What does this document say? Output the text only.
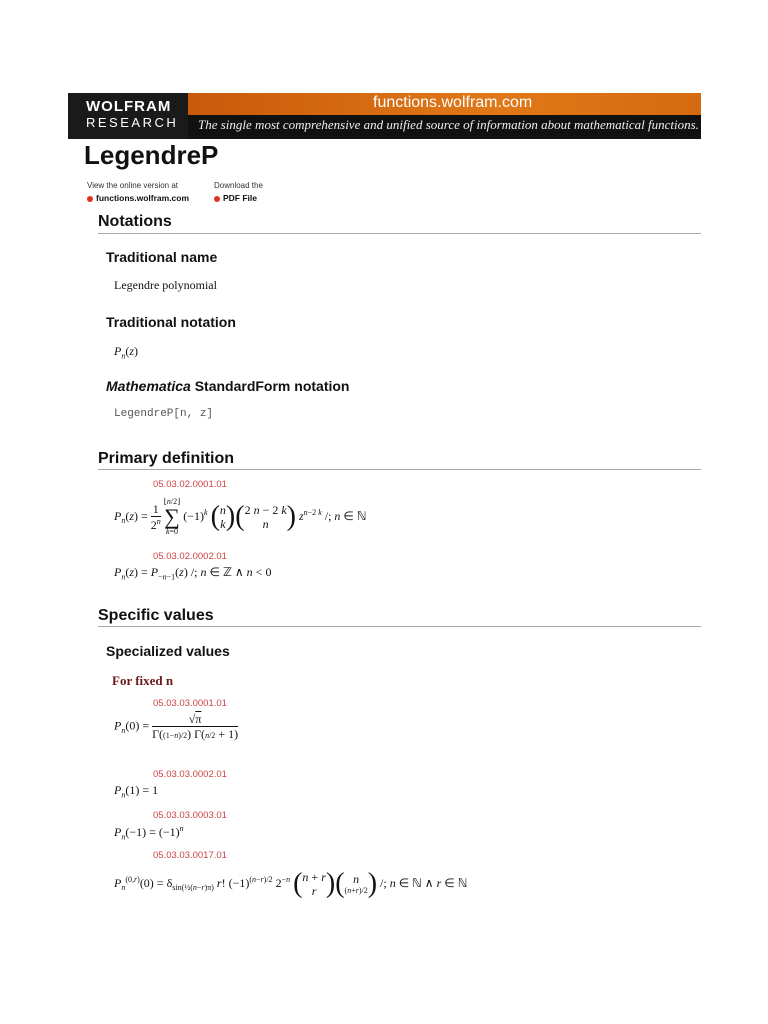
WOLFRAM
RESEARCH
functions.wolfram.com
The single most comprehensive and unified source of information about mathematical functions.
LegendreP
View the online version at
functions.wolfram.com
Download the
PDF File
Notations
Traditional name
Legendre polynomial
Traditional notation
$P_n(z)$
Mathematica StandardForm notation
LegendreP[n, z]
Primary definition
05.03.02.0001.01
$P_n(z) = \frac{1}{2^n}$

⌊n/2⌋
∑
k=0
$(-1)^k$ ( n
k )( 2 n − 2 k
n ) $z^{n-2 k}$ /; n ∈ ℕ
05.03.02.0002.01
$P_n(z) = P_{-n-1}(z)$ /; n ∈ ℤ ∧ n < 0
Specific values
Specialized values
For fixed n
05.03.03.0001.01
$P_n(0) = \frac{√\pi}{\Gamma((1-n)/2) \Gamma(n/2 + 1)}$
05.03.03.0002.01
$P_n(1) = 1$
05.03.03.0003.01
$P_n(-1) = (-1)^n$
05.03.03.0017.01
$P_n^{(0,r)}(0) = \delta_{sin(\frac{1}{2}(n-r)\pi)}$ r! $(-1)^{(n-r)/2}$ $2^{-n}$ ( n + r
r )( n
(n+r)/2 ) /; n ∈ ℕ ∧ r ∈ ℕ
